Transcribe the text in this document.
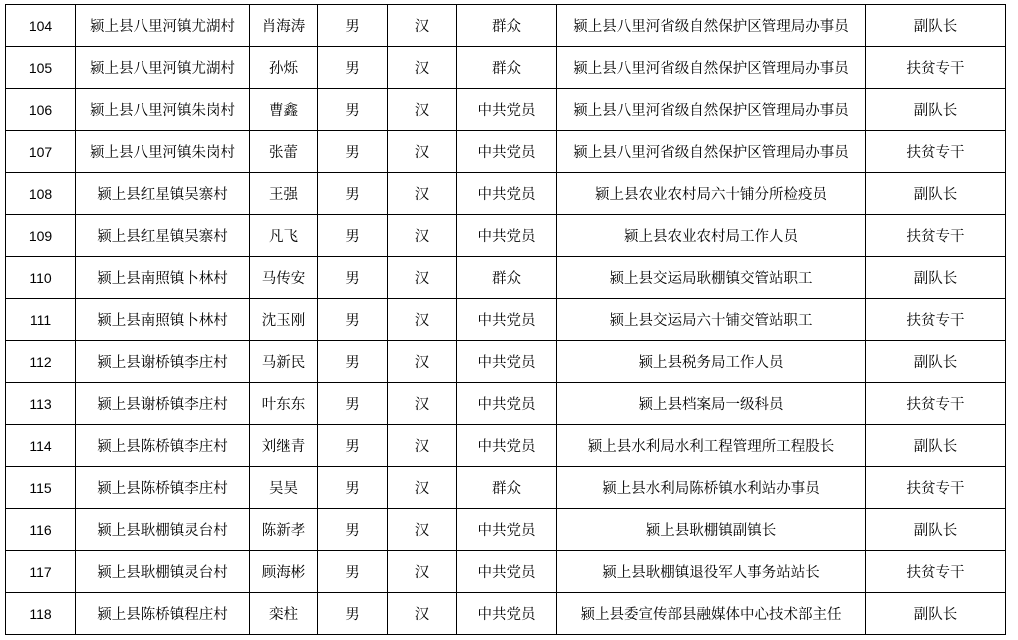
104	颍上县八里河镇尤湖村	肖海涛	男	汉	群众	颍上县八里河省级自然保护区管理局办事员	副队长
105	颍上县八里河镇尤湖村	孙烁	男	汉	群众	颍上县八里河省级自然保护区管理局办事员	扶贫专干
106	颍上县八里河镇朱岗村	曹鑫	男	汉	中共党员	颍上县八里河省级自然保护区管理局办事员	副队长
107	颍上县八里河镇朱岗村	张蕾	男	汉	中共党员	颍上县八里河省级自然保护区管理局办事员	扶贫专干
108	颍上县红星镇吴寨村	王强	男	汉	中共党员	颍上县农业农村局六十铺分所检疫员	副队长
109	颍上县红星镇吴寨村	凡飞	男	汉	中共党员	颍上县农业农村局工作人员	扶贫专干
110	颍上县南照镇卜林村	马传安	男	汉	群众	颍上县交运局耿棚镇交管站职工	副队长
111	颍上县南照镇卜林村	沈玉刚	男	汉	中共党员	颍上县交运局六十铺交管站职工	扶贫专干
112	颍上县谢桥镇李庄村	马新民	男	汉	中共党员	颍上县税务局工作人员	副队长
113	颍上县谢桥镇李庄村	叶东东	男	汉	中共党员	颍上县档案局一级科员	扶贫专干
114	颍上县陈桥镇李庄村	刘继青	男	汉	中共党员	颍上县水利局水利工程管理所工程股长	副队长
115	颍上县陈桥镇李庄村	吴昊	男	汉	群众	颍上县水利局陈桥镇水利站办事员	扶贫专干
116	颍上县耿棚镇灵台村	陈新孝	男	汉	中共党员	颍上县耿棚镇副镇长	副队长
117	颍上县耿棚镇灵台村	顾海彬	男	汉	中共党员	颍上县耿棚镇退役军人事务站站长	扶贫专干
118	颍上县陈桥镇程庄村	栾柱	男	汉	中共党员	颍上县委宣传部县融媒体中心技术部主任	副队长
